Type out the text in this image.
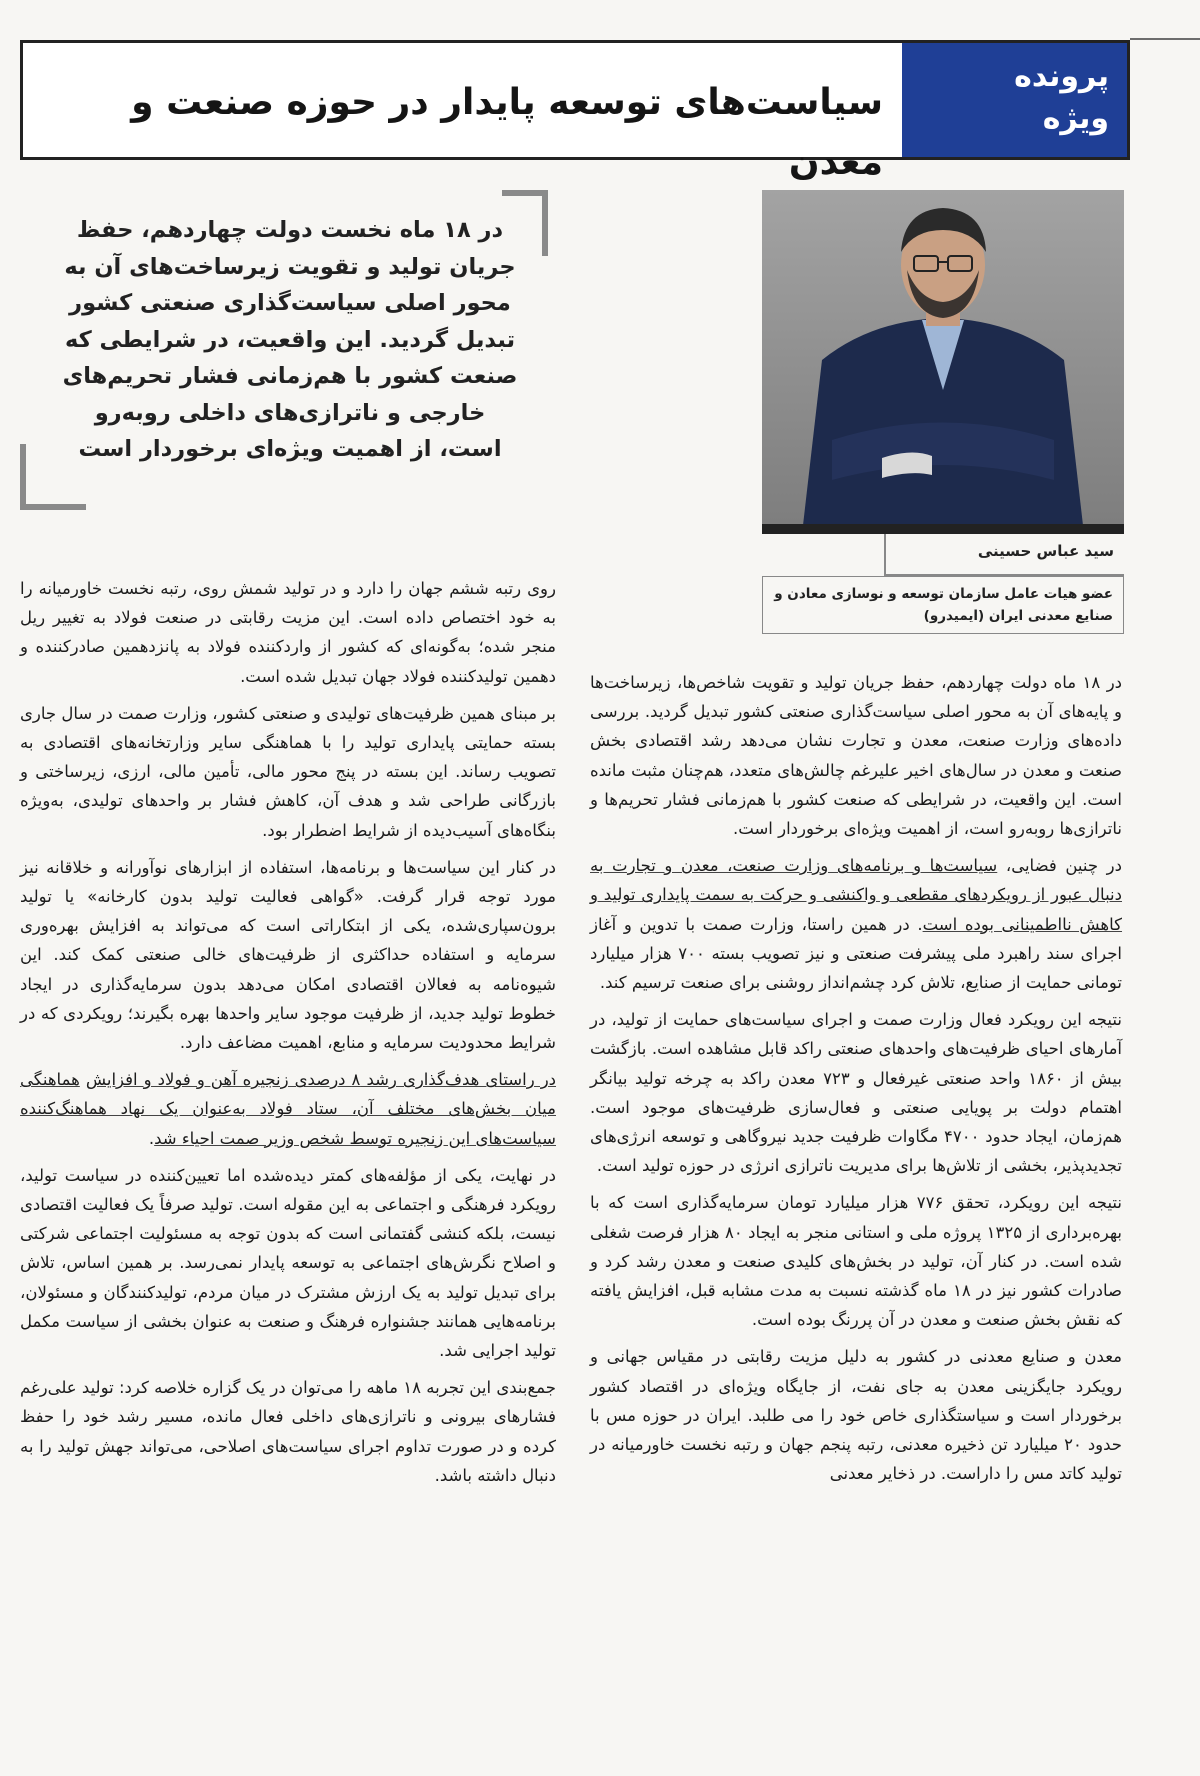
سیاست‌های توسعه پایدار در حوزه صنعت و معدن
پرونده
ویژه
در ۱۸ ماه نخست دولت چهاردهم، حفظ جریان تولید و تقویت زیرساخت‌های آن به محور اصلی سیاست‌گذاری صنعتی کشور تبدیل گردید. این واقعیت، در شرایطی که صنعت کشور با هم‌زمانی فشار تحریم‌های خارجی و ناترازی‌های داخلی روبه‌رو است، از اهمیت ویژه‌ای برخوردار است
سید عباس حسینی
عضو هیات عامل سازمان توسعه و نوسازی معادن و صنایع معدنی ایران (ایمیدرو)

در ۱۸ ماه دولت چهاردهم، حفظ جریان تولید و تقویت شاخص‌ها، زیرساخت‌ها و پایه‌های آن به محور اصلی سیاست‌گذاری صنعتی کشور تبدیل گردید. بررسی داده‌های وزارت صنعت، معدن و تجارت نشان می‌دهد رشد اقتصادی بخش صنعت و معدن در سال‌های اخیر علیرغم چالش‌های متعدد، هم‌چنان مثبت مانده است. این واقعیت، در شرایطی که صنعت کشور با هم‌زمانی فشار تحریم‌ها و ناترازی‌ها روبه‌رو است، از اهمیت ویژه‌ای برخوردار است.

در چنین فضایی، سیاست‌ها و برنامه‌های وزارت صنعت، معدن و تجارت به دنبال عبور از رویکردهای مقطعی و واکنشی و حرکت به سمت پایداری تولید و کاهش نااطمینانی بوده است. در همین راستا، وزارت صمت با تدوین و آغاز اجرای سند راهبرد ملی پیشرفت صنعتی و نیز تصویب بسته ۷۰۰ هزار میلیارد تومانی حمایت از صنایع، تلاش کرد چشم‌انداز روشنی برای صنعت ترسیم کند.

نتیجه این رویکرد فعال وزارت صمت و اجرای سیاست‌های حمایت از تولید، در آمارهای احیای ظرفیت‌های واحدهای صنعتی راکد قابل مشاهده است. بازگشت بیش از ۱۸۶۰ واحد صنعتی غیرفعال و ۷۲۳ معدن راکد به چرخه تولید بیانگر اهتمام دولت بر پویایی صنعتی و فعال‌سازی ظرفیت‌های موجود است. هم‌زمان، ایجاد حدود ۴۷۰۰ مگاوات ظرفیت جدید نیروگاهی و توسعه انرژی‌های تجدیدپذیر، بخشی از تلاش‌ها برای مدیریت ناترازی انرژی در حوزه تولید است.

نتیجه این رویکرد، تحقق ۷۷۶ هزار میلیارد تومان سرمایه‌گذاری است که با بهره‌برداری از ۱۳۲۵ پروژه ملی و استانی منجر به ایجاد ۸۰ هزار فرصت شغلی شده است. در کنار آن، تولید در بخش‌های کلیدی صنعت و معدن رشد کرد و صادرات کشور نیز در ۱۸ ماه گذشته نسبت به مدت مشابه قبل، افزایش یافته که نقش بخش صنعت و معدن در آن پررنگ بوده است.

معدن و صنایع معدنی در کشور به دلیل مزیت رقابتی در مقیاس جهانی و رویکرد جایگزینی معدن به جای نفت، از جایگاه ویژه‌ای در اقتصاد کشور برخوردار است و سیاستگذاری خاص خود را می طلبد. ایران در حوزه مس با حدود ۲۰ میلیارد تن ذخیره معدنی، رتبه پنجم جهان و رتبه نخست خاورمیانه در تولید کاتد مس را داراست. در ذخایر معدنی

روی رتبه ششم جهان را دارد و در تولید شمش روی، رتبه نخست خاورمیانه را به خود اختصاص داده است. این مزیت رقابتی در صنعت فولاد به تغییر ریل منجر شده؛ به‌گونه‌ای که کشور از واردکننده فولاد به پانزدهمین صادرکننده و دهمین تولیدکننده فولاد جهان تبدیل شده است.

بر مبنای همین ظرفیت‌های تولیدی و صنعتی کشور، وزارت صمت در سال جاری بسته حمایتی پایداری تولید را با هماهنگی سایر وزارتخانه‌های اقتصادی به تصویب رساند. این بسته در پنج محور مالی، تأمین مالی، ارزی، زیرساختی و بازرگانی طراحی شد و هدف آن، کاهش فشار بر واحدهای تولیدی، به‌ویژه بنگاه‌های آسیب‌دیده از شرایط اضطرار بود.

در کنار این سیاست‌ها و برنامه‌ها، استفاده از ابزارهای نوآورانه و خلاقانه نیز مورد توجه قرار گرفت. «گواهی فعالیت تولید بدون کارخانه» یا تولید برون‌سپاری‌شده، یکی از ابتکاراتی است که می‌تواند به افزایش بهره‌وری سرمایه و استفاده حداکثری از ظرفیت‌های خالی صنعتی کمک کند. این شیوه‌نامه به فعالان اقتصادی امکان می‌دهد بدون سرمایه‌گذاری در ایجاد خطوط تولید جدید، از ظرفیت موجود سایر واحدها بهره بگیرند؛ رویکردی که در شرایط محدودیت سرمایه و منابع، اهمیت مضاعف دارد.

در راستای هدف‌گذاری رشد ۸ درصدی زنجیره آهن و فولاد و افزایش هماهنگی میان بخش‌های مختلف آن، ستاد فولاد به‌عنوان یک نهاد هماهنگ‌کننده سیاست‌های این زنجیره توسط شخص وزیر صمت احیاء شد.

در نهایت، یکی از مؤلفه‌های کمتر دیده‌شده اما تعیین‌کننده در سیاست تولید، رویکرد فرهنگی و اجتماعی به این مقوله است. تولید صرفاً یک فعالیت اقتصادی نیست، بلکه کنشی گفتمانی است که بدون توجه به مسئولیت اجتماعی شرکتی و اصلاح نگرش‌های اجتماعی به توسعه پایدار نمی‌رسد. بر همین اساس، تلاش برای تبدیل تولید به یک ارزش مشترک در میان مردم، تولیدکنندگان و مسئولان، برنامه‌هایی همانند جشنواره فرهنگ و صنعت به عنوان بخشی از سیاست مکمل تولید اجرایی شد.

جمع‌بندی این تجربه ۱۸ ماهه را می‌توان در یک گزاره خلاصه کرد: تولید علی‌رغم فشارهای بیرونی و ناترازی‌های داخلی فعال مانده، مسیر رشد خود را حفظ کرده و در صورت تداوم اجرای سیاست‌های اصلاحی، می‌تواند جهش تولید را به دنبال داشته باشد.
